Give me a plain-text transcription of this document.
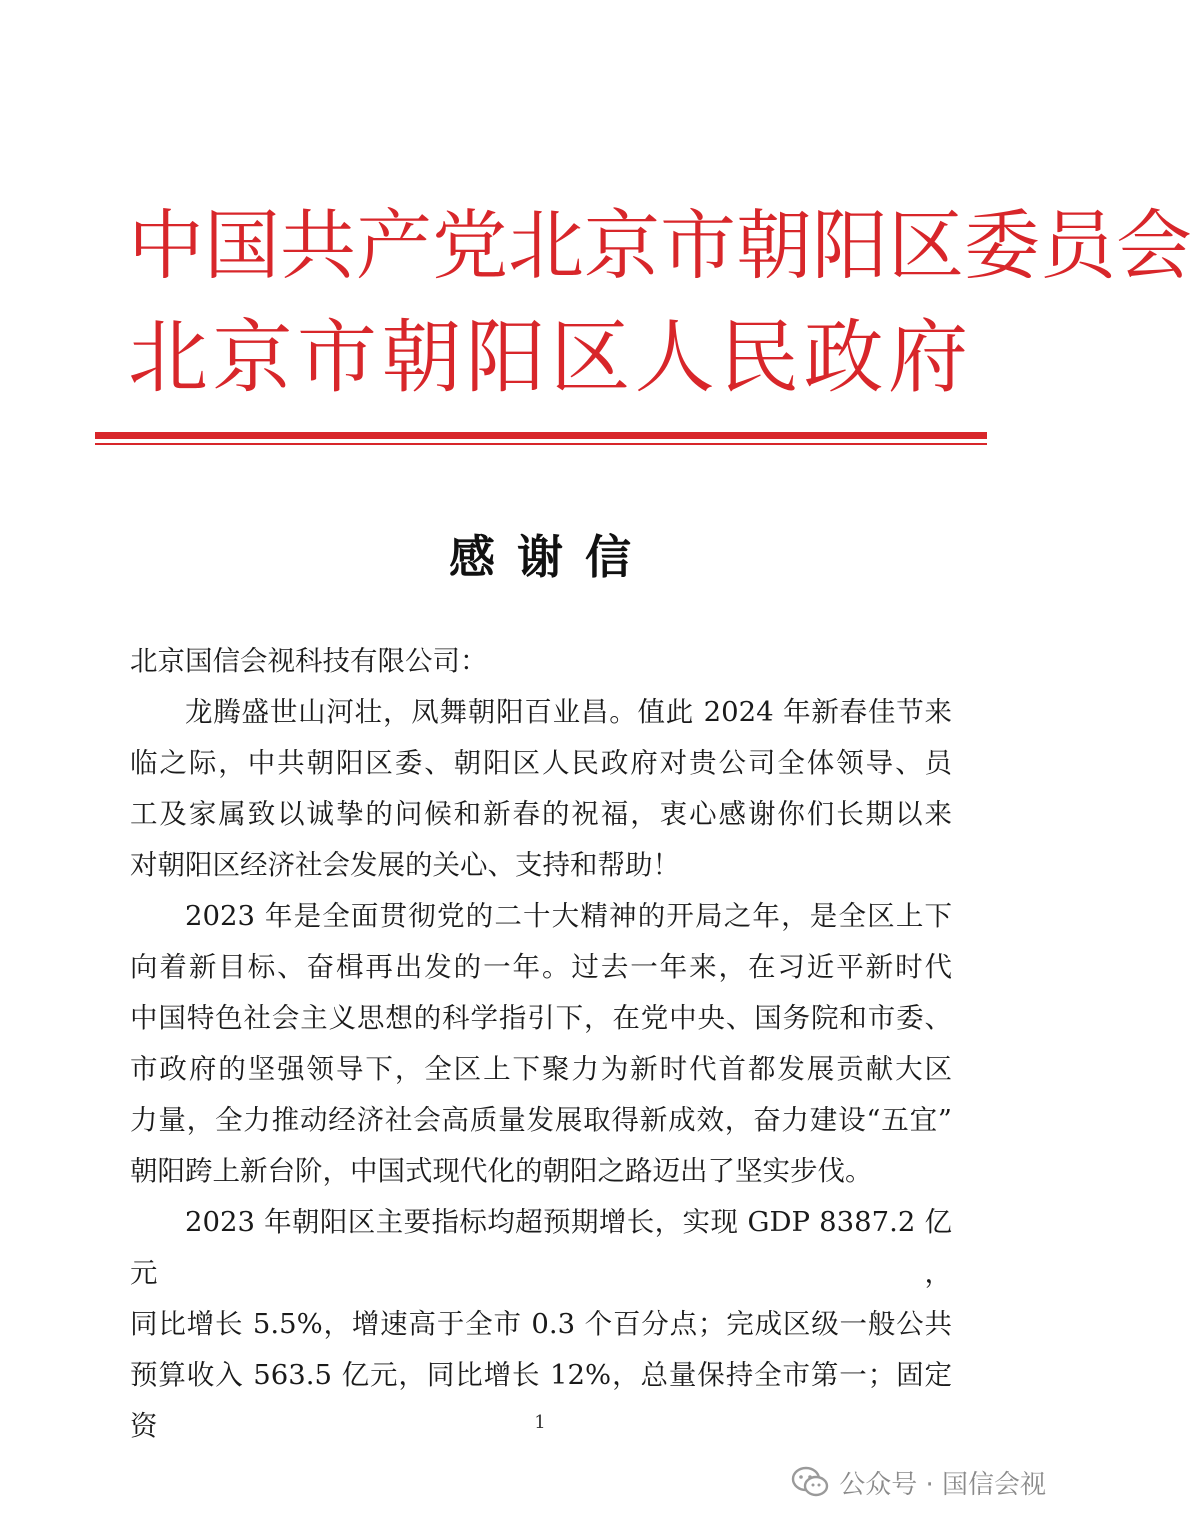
中 国 共 产 党 北 京 市 朝 阳 区 委 员 会
北 京 市 朝 阳 区 人 民 政 府
感谢信

北京国信会视科技有限公司：

龙腾盛世山河壮，凤舞朝阳百业昌。值此 2024 年新春佳节来

临之际，中共朝阳区委、朝阳区人民政府对贵公司全体领导、员

工及家属致以诚挚的问候和新春的祝福，衷心感谢你们长期以来

对朝阳区经济社会发展的关心、支持和帮助！

2023 年是全面贯彻党的二十大精神的开局之年，是全区上下

向着新目标、奋楫再出发的一年。过去一年来，在习近平新时代

中国特色社会主义思想的科学指引下，在党中央、国务院和市委、

市政府的坚强领导下，全区上下聚力为新时代首都发展贡献大区

力量，全力推动经济社会高质量发展取得新成效，奋力建设“五宜”

朝阳跨上新台阶，中国式现代化的朝阳之路迈出了坚实步伐。

2023 年朝阳区主要指标均超预期增长，实现 GDP 8387.2 亿元，

同比增长 5.5%，增速高于全市 0.3 个百分点；完成区级一般公共

预算收入 563.5 亿元，同比增长 12%，总量保持全市第一；固定资	1
公众号 · 国信会视
